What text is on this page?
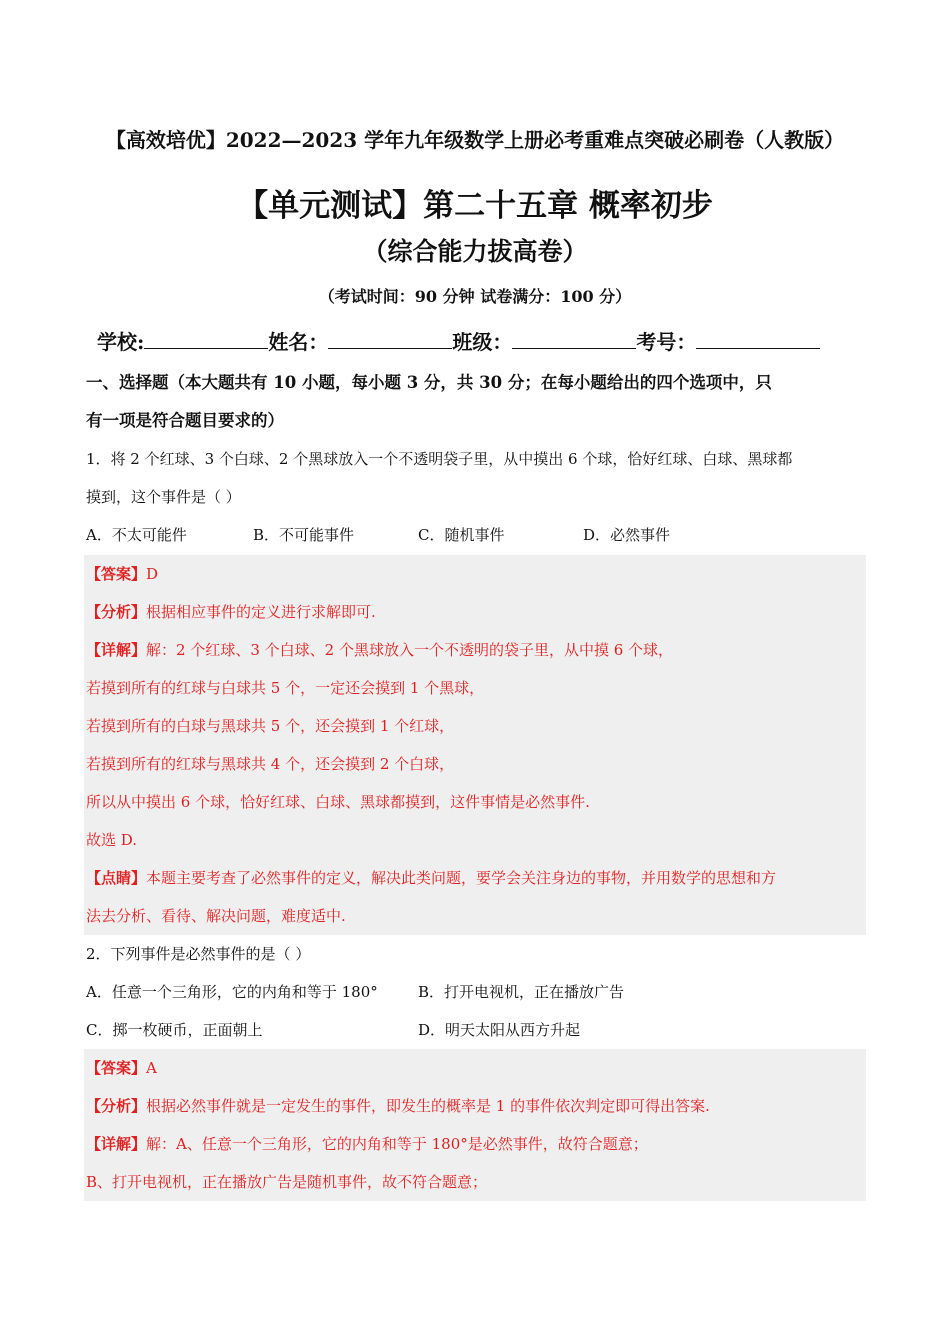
【高效培优】2022—2023 学年九年级数学上册必考重难点突破必刷卷（人教版）
【单元测试】第二十五章 概率初步
（综合能力拔高卷）
（考试时间：90 分钟 试卷满分：100 分）
学校:	姓名：	班级：	考号：
一、选择题（本大题共有 10 小题，每小题 3 分，共 30 分；在每小题给出的四个选项中，只
有一项是符合题目要求的）
1．将 2 个红球、3 个白球、2 个黑球放入一个不透明袋子里，从中摸出 6 个球，恰好红球、白球、黑球都
摸到，这个事件是（ ）
A．不太可能件	B．不可能事件	C．随机事件	D．必然事件
【答案】D
【分析】根据相应事件的定义进行求解即可.
【详解】解：2 个红球、3 个白球、2 个黑球放入一个不透明的袋子里，从中摸 6 个球，
若摸到所有的红球与白球共 5 个，一定还会摸到 1 个黑球，
若摸到所有的白球与黑球共 5 个，还会摸到 1 个红球，
若摸到所有的红球与黑球共 4 个，还会摸到 2 个白球，
所以从中摸出 6 个球，恰好红球、白球、黑球都摸到，这件事情是必然事件.
故选 D.
【点睛】本题主要考查了必然事件的定义，解决此类问题，要学会关注身边的事物，并用数学的思想和方
法去分析、看待、解决问题，难度适中.
2．下列事件是必然事件的是（ ）
A．任意一个三角形，它的内角和等于 180°	B．打开电视机，正在播放广告
C．掷一枚硬币，正面朝上	D．明天太阳从西方升起
【答案】A
【分析】根据必然事件就是一定发生的事件，即发生的概率是 1 的事件依次判定即可得出答案.
【详解】解：A、任意一个三角形，它的内角和等于 180°是必然事件，故符合题意；
B、打开电视机，正在播放广告是随机事件，故不符合题意；
